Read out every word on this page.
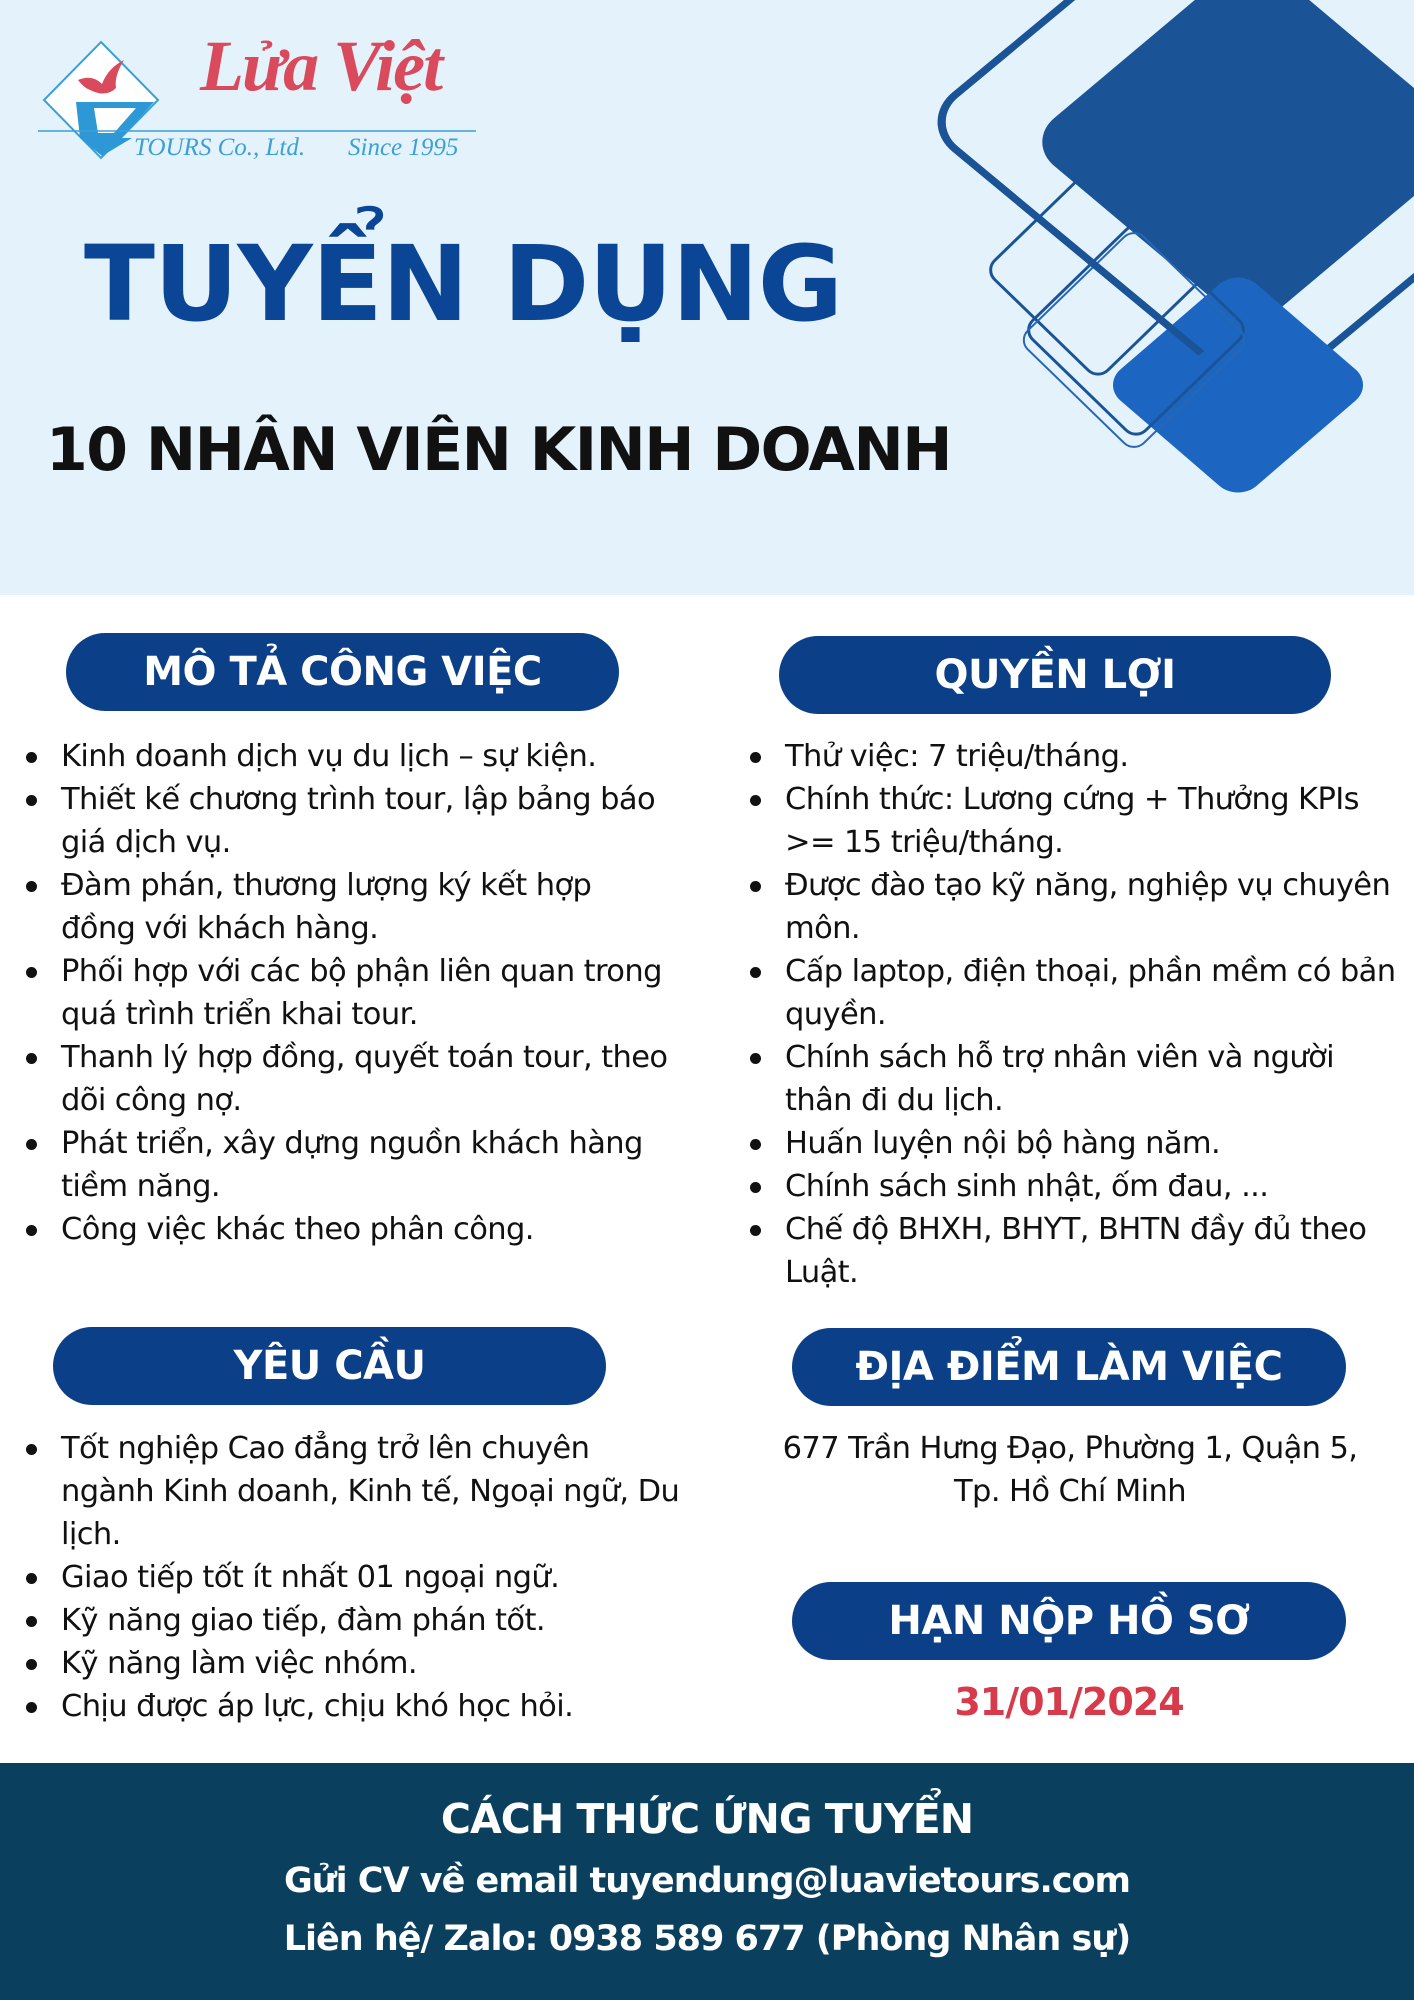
Lửa Việt
TOURS Co., Ltd. Since 1995
TUYỂN DỤNG
10 NHÂN VIÊN KINH DOANH
MÔ TẢ CÔNG VIỆC
Kinh doanh dịch vụ du lịch – sự kiện.
Thiết kế chương trình tour, lập bảng báo giá dịch vụ.
Đàm phán, thương lượng ký kết hợp đồng với khách hàng.
Phối hợp với các bộ phận liên quan trong quá trình triển khai tour.
Thanh lý hợp đồng, quyết toán tour, theo dõi công nợ.
Phát triển, xây dựng nguồn khách hàng tiềm năng.
Công việc khác theo phân công.
QUYỀN LỢI
Thử việc: 7 triệu/tháng.
Chính thức: Lương cứng + Thưởng KPIs >= 15 triệu/tháng.
Được đào tạo kỹ năng, nghiệp vụ chuyên môn.
Cấp laptop, điện thoại, phần mềm có bản quyền.
Chính sách hỗ trợ nhân viên và người thân đi du lịch.
Huấn luyện nội bộ hàng năm.
Chính sách sinh nhật, ốm đau, ...
Chế độ BHXH, BHYT, BHTN đầy đủ theo Luật.
YÊU CẦU
Tốt nghiệp Cao đẳng trở lên chuyên ngành Kinh doanh, Kinh tế, Ngoại ngữ, Du lịch.
Giao tiếp tốt ít nhất 01 ngoại ngữ.
Kỹ năng giao tiếp, đàm phán tốt.
Kỹ năng làm việc nhóm.
Chịu được áp lực, chịu khó học hỏi.
ĐỊA ĐIỂM LÀM VIỆC
677 Trần Hưng Đạo, Phường 1, Quận 5,
Tp. Hồ Chí Minh
HẠN NỘP HỒ SƠ
31/01/2024
CÁCH THỨC ỨNG TUYỂN
Gửi CV về email tuyendung@luavietours.com
Liên hệ/ Zalo: 0938 589 677 (Phòng Nhân sự)
